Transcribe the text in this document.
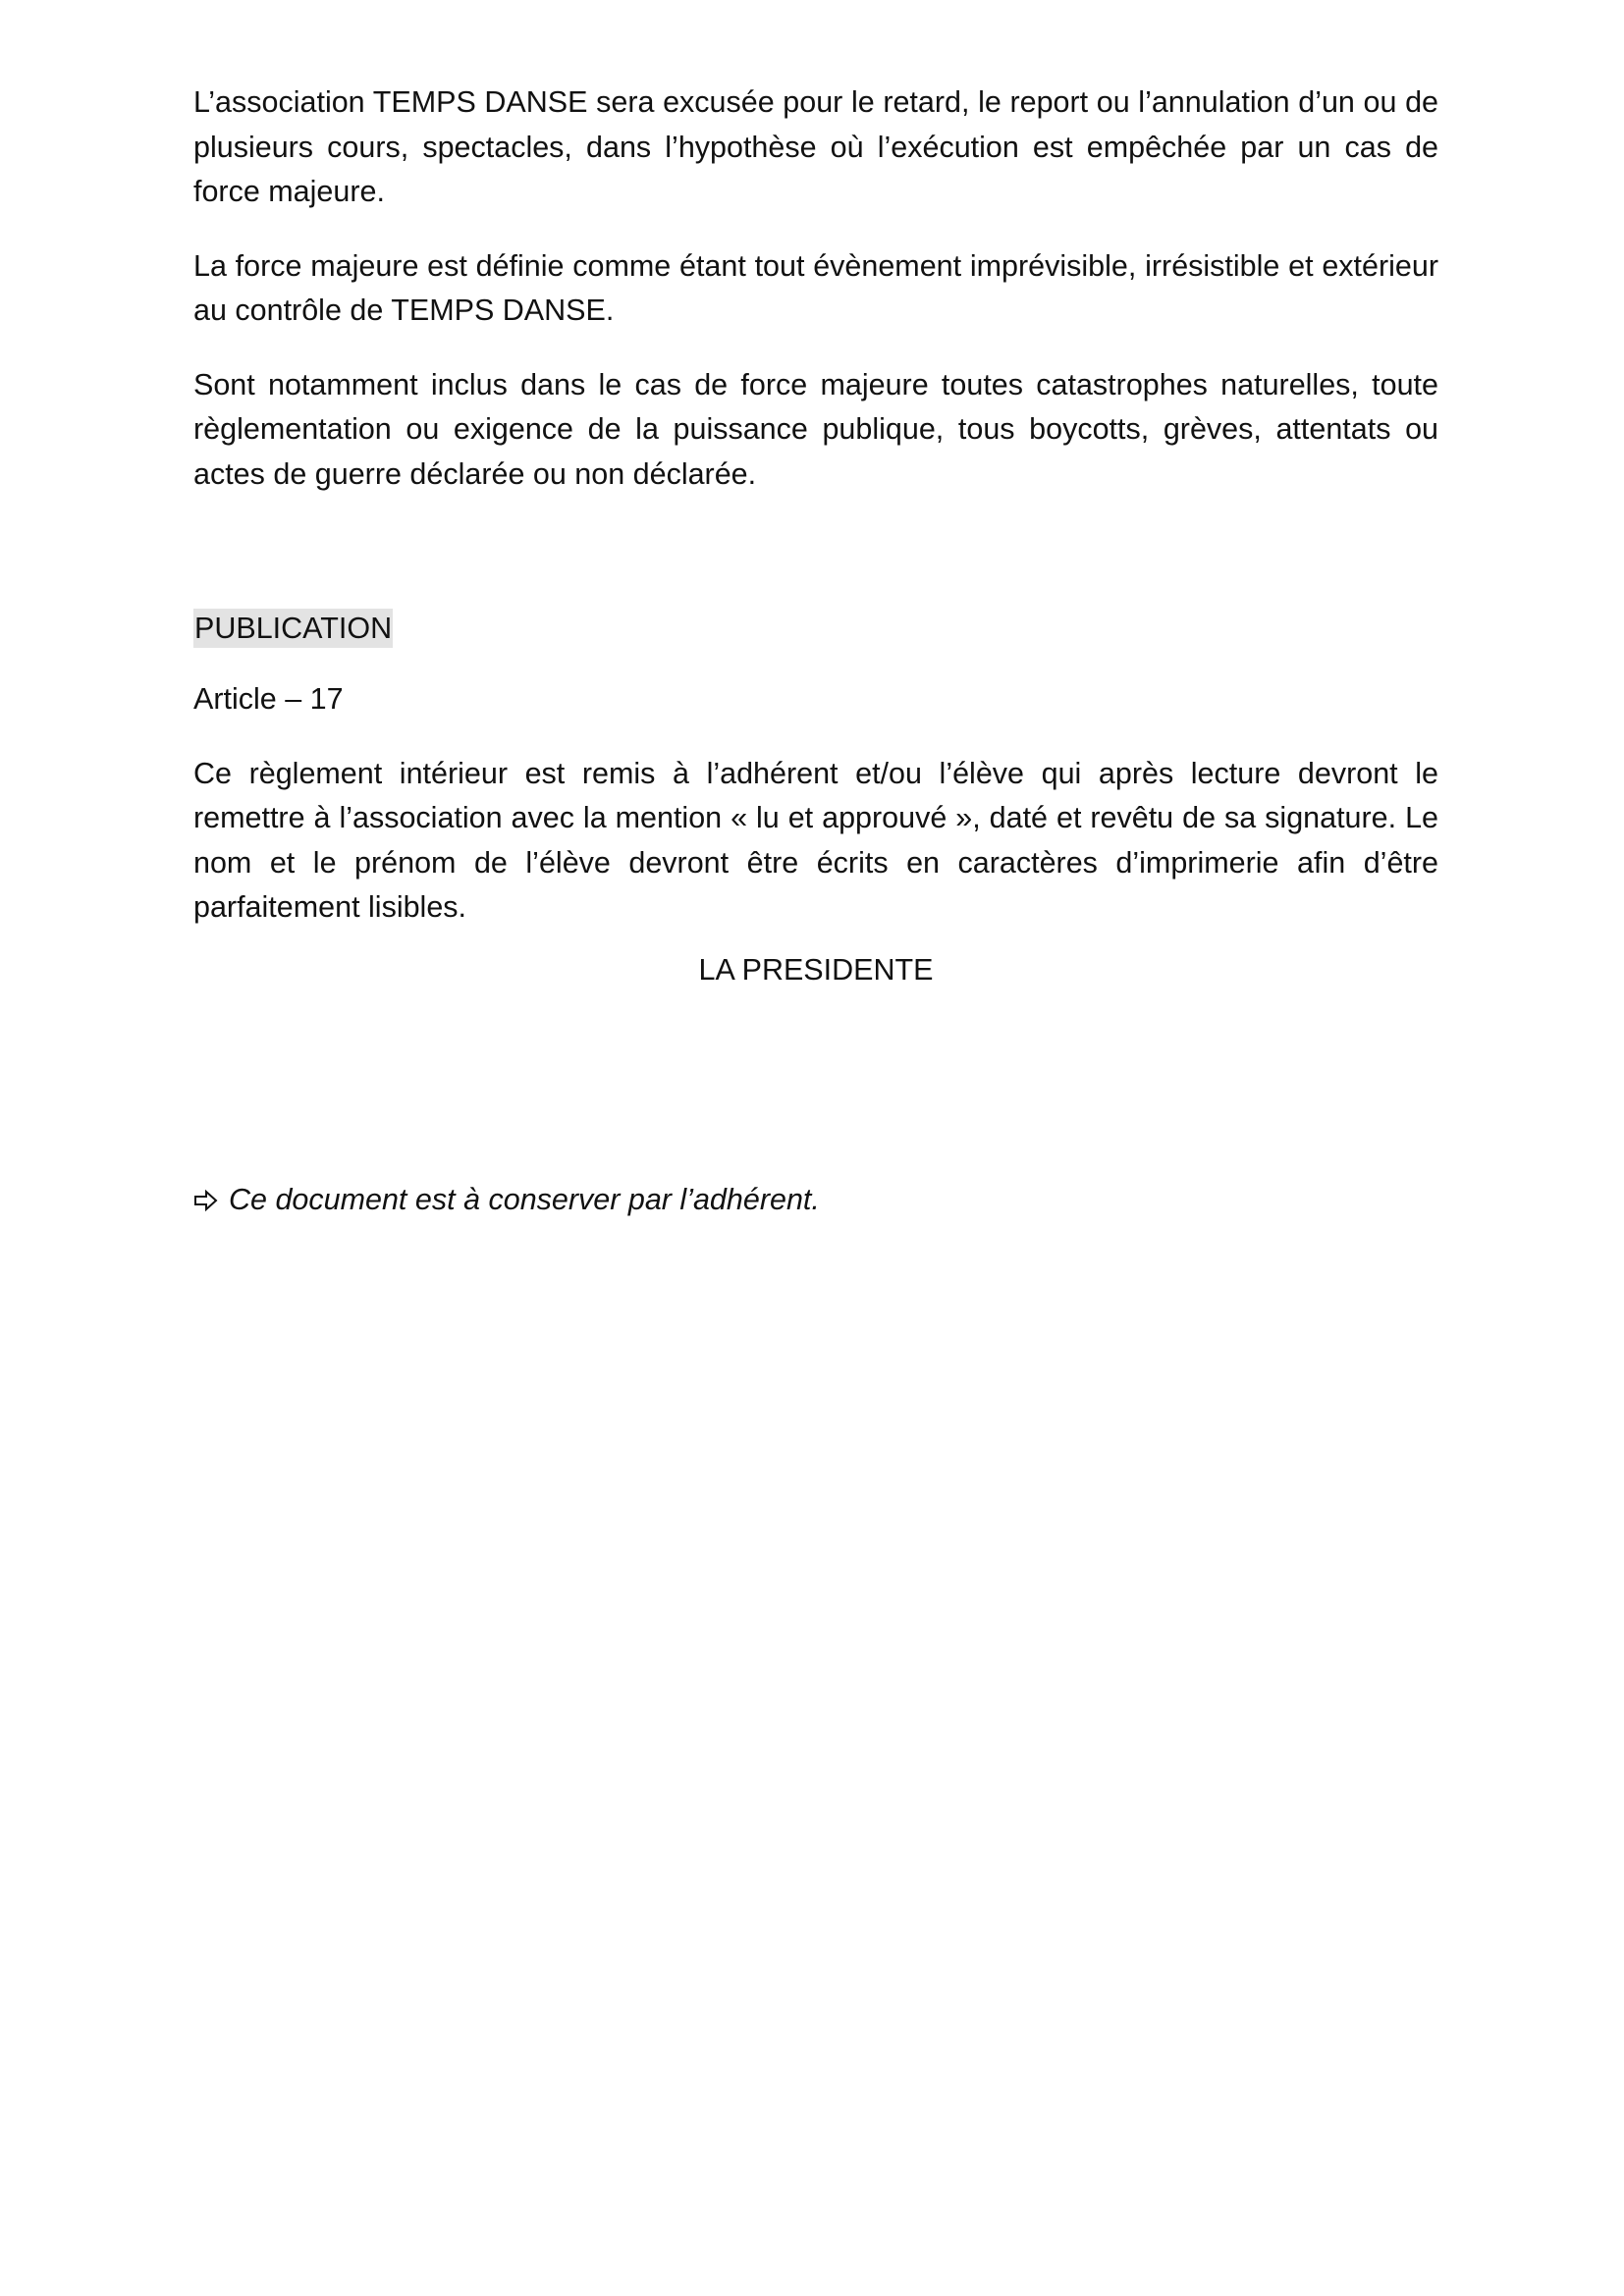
L’association TEMPS DANSE sera excusée pour le retard, le report ou l’annulation d’un ou de plusieurs cours, spectacles, dans l’hypothèse où l’exécution est empêchée par un cas de force majeure.

La force majeure est définie comme étant tout évènement imprévisible, irrésistible et extérieur au contrôle de TEMPS DANSE.

Sont notamment inclus dans le cas de force majeure toutes catastrophes naturelles, toute règlementation ou exigence de la puissance publique, tous boycotts, grèves, attentats ou actes de guerre déclarée ou non déclarée.

PUBLICATION

Article – 17

Ce règlement intérieur est remis à l’adhérent et/ou l’élève qui après lecture devront le remettre à l’association avec la mention « lu et approuvé », daté et revêtu de sa signature. Le nom et le prénom de l’élève devront être écrits en caractères d’imprimerie afin d’être parfaitement lisibles.

LA PRESIDENTE

Ce document est à conserver par l’adhérent.
